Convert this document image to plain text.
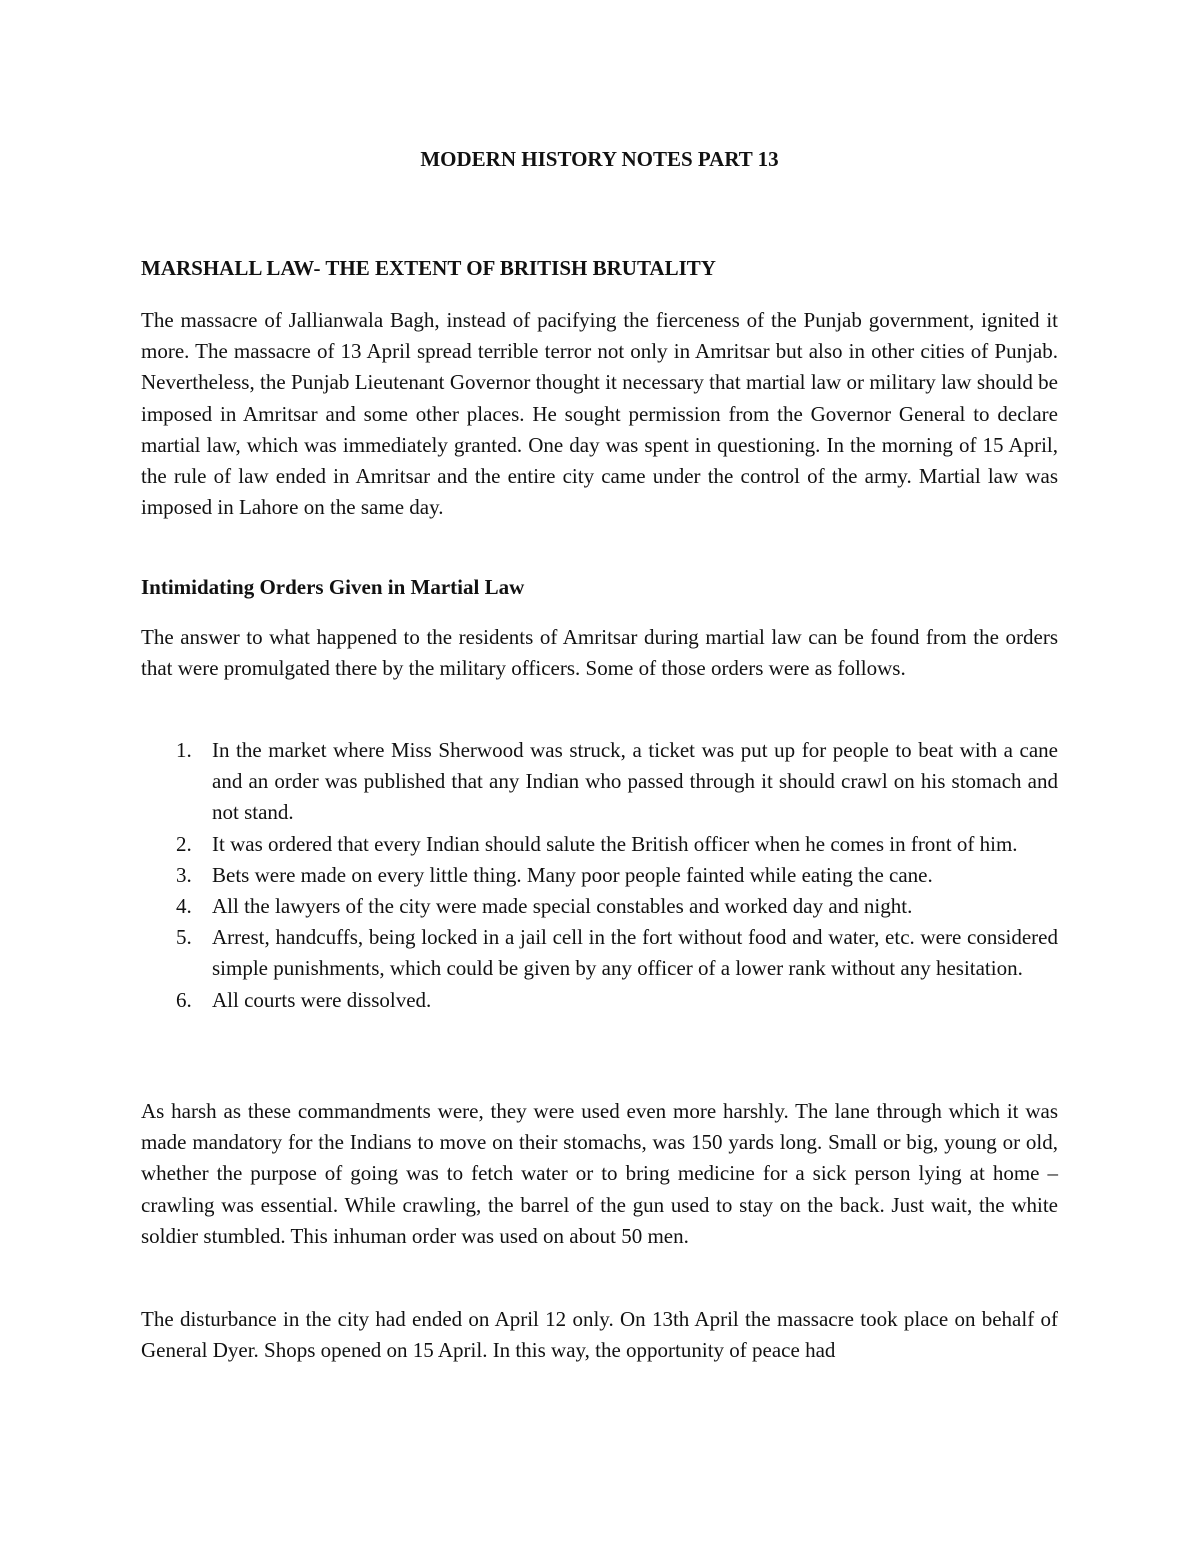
MODERN HISTORY NOTES PART 13
MARSHALL LAW- THE EXTENT OF BRITISH BRUTALITY

The massacre of Jallianwala Bagh, instead of pacifying the fierceness of the Punjab government, ignited it more. The massacre of 13 April spread terrible terror not only in Amritsar but also in other cities of Punjab. Nevertheless, the Punjab Lieutenant Governor thought it necessary that martial law or military law should be imposed in Amritsar and some other places. He sought permission from the Governor General to declare martial law, which was immediately granted. One day was spent in questioning. In the morning of 15 April, the rule of law ended in Amritsar and the entire city came under the control of the army. Martial law was imposed in Lahore on the same day.

Intimidating Orders Given in Martial Law

The answer to what happened to the residents of Amritsar during martial law can be found from the orders that were promulgated there by the military officers. Some of those orders were as follows.

1. In the market where Miss Sherwood was struck, a ticket was put up for people to beat with a cane and an order was published that any Indian who passed through it should crawl on his stomach and not stand.
2. It was ordered that every Indian should salute the British officer when he comes in front of him.
3. Bets were made on every little thing. Many poor people fainted while eating the cane.
4. All the lawyers of the city were made special constables and worked day and night.
5. Arrest, handcuffs, being locked in a jail cell in the fort without food and water, etc. were considered simple punishments, which could be given by any officer of a lower rank without any hesitation.
6. All courts were dissolved.

As harsh as these commandments were, they were used even more harshly. The lane through which it was made mandatory for the Indians to move on their stomachs, was 150 yards long. Small or big, young or old, whether the purpose of going was to fetch water or to bring medicine for a sick person lying at home – crawling was essential. While crawling, the barrel of the gun used to stay on the back. Just wait, the white soldier stumbled. This inhuman order was used on about 50 men.

The disturbance in the city had ended on April 12 only. On 13th April the massacre took place on behalf of General Dyer. Shops opened on 15 April. In this way, the opportunity of peace had
